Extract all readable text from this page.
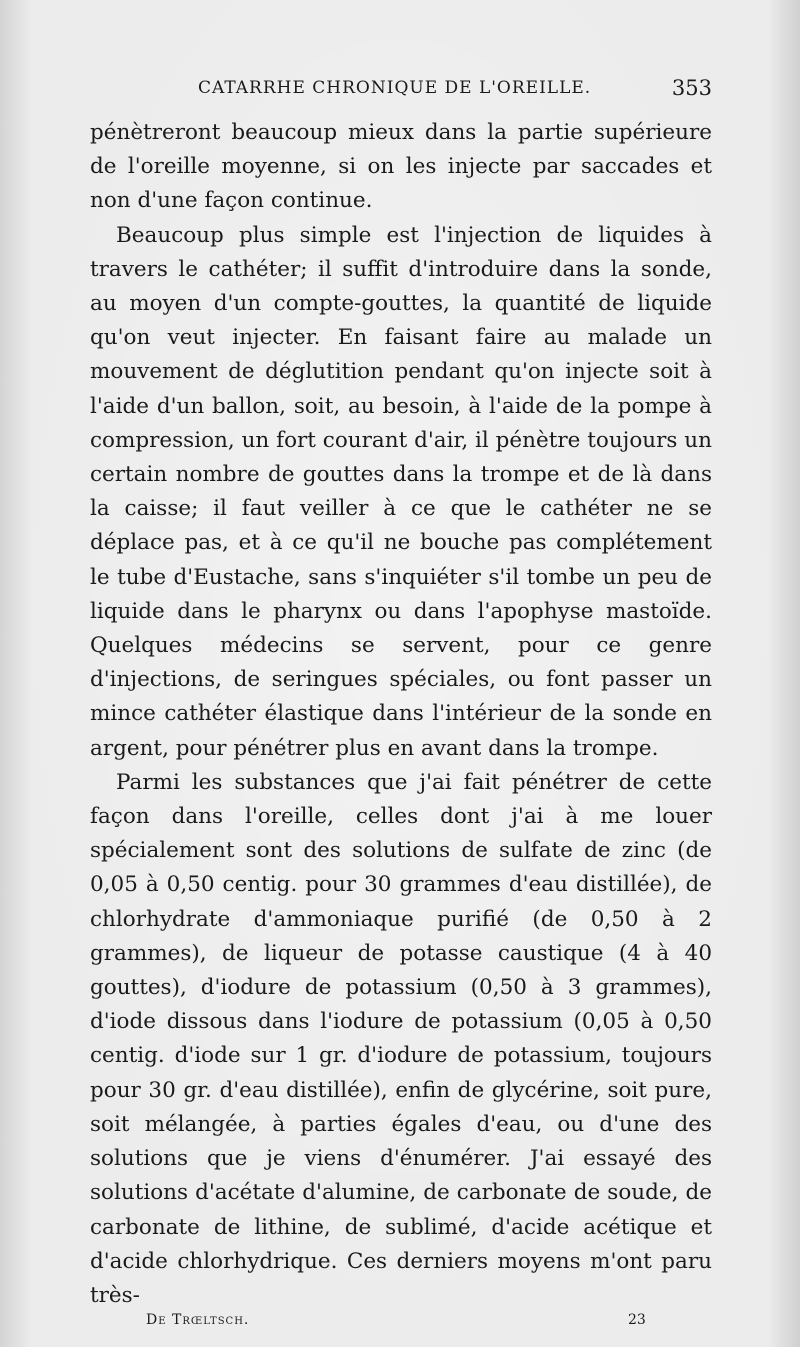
CATARRHE CHRONIQUE DE L'OREILLE.	353

pénètreront beaucoup mieux dans la partie supérieure de l'oreille moyenne, si on les injecte par saccades et non d'une façon continue.

Beaucoup plus simple est l'injection de liquides à travers le cathéter; il suffit d'introduire dans la sonde, au moyen d'un compte-gouttes, la quantité de liquide qu'on veut injecter. En faisant faire au malade un mouvement de déglutition pendant qu'on injecte soit à l'aide d'un ballon, soit, au besoin, à l'aide de la pompe à compression, un fort courant d'air, il pénètre toujours un certain nombre de gouttes dans la trompe et de là dans la caisse; il faut veiller à ce que le cathéter ne se déplace pas, et à ce qu'il ne bouche pas complétement le tube d'Eustache, sans s'inquiéter s'il tombe un peu de liquide dans le pharynx ou dans l'apophyse mastoïde. Quelques médecins se servent, pour ce genre d'injections, de seringues spéciales, ou font passer un mince cathéter élastique dans l'intérieur de la sonde en argent, pour pénétrer plus en avant dans la trompe.

Parmi les substances que j'ai fait pénétrer de cette façon dans l'oreille, celles dont j'ai à me louer spécialement sont des solutions de sulfate de zinc (de 0,05 à 0,50 centig. pour 30 grammes d'eau distillée), de chlorhydrate d'ammoniaque purifié (de 0,50 à 2 grammes), de liqueur de potasse caustique (4 à 40 gouttes), d'iodure de potassium (0,50 à 3 grammes), d'iode dissous dans l'iodure de potassium (0,05 à 0,50 centig. d'iode sur 1 gr. d'iodure de potassium, toujours pour 30 gr. d'eau distillée), enfin de glycérine, soit pure, soit mélangée, à parties égales d'eau, ou d'une des solutions que je viens d'énumérer. J'ai essayé des solutions d'acétate d'alumine, de carbonate de soude, de carbonate de lithine, de sublimé, d'acide acétique et d'acide chlorhydrique. Ces derniers moyens m'ont paru très-

De Trœltsch.	23
